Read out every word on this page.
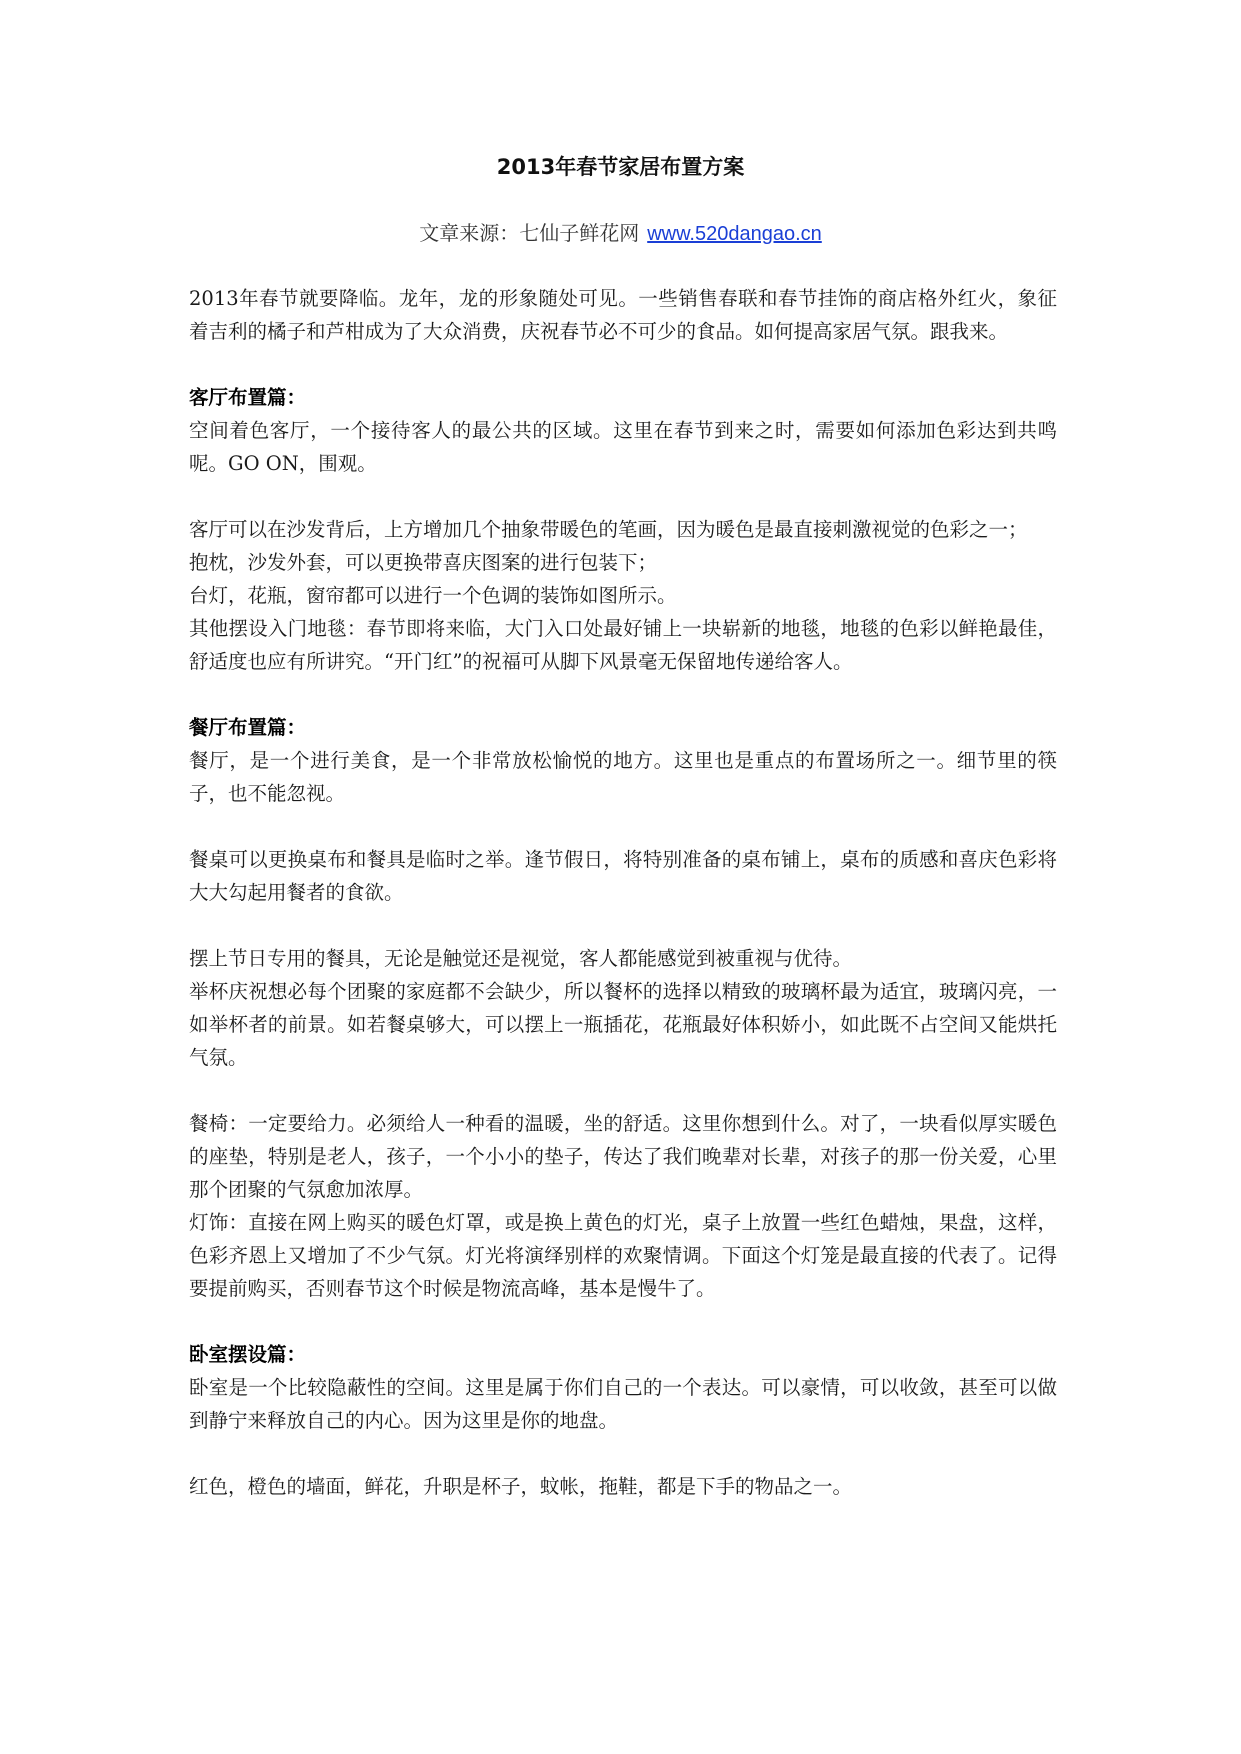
2013年春节家居布置方案
文章来源：七仙子鲜花网 www.520dangao.cn

2013年春节就要降临。龙年，龙的形象随处可见。一些销售春联和春节挂饰的商店格外红火，象征着吉利的橘子和芦柑成为了大众消费，庆祝春节必不可少的食品。如何提高家居气氛。跟我来。

客厅布置篇：

空间着色客厅，一个接待客人的最公共的区域。这里在春节到来之时，需要如何添加色彩达到共鸣呢。GO ON，围观。

客厅可以在沙发背后，上方增加几个抽象带暖色的笔画，因为暖色是最直接刺激视觉的色彩之一；

抱枕，沙发外套，可以更换带喜庆图案的进行包装下；

台灯，花瓶，窗帘都可以进行一个色调的装饰如图所示。

其他摆设入门地毯：春节即将来临，大门入口处最好铺上一块崭新的地毯，地毯的色彩以鲜艳最佳，舒适度也应有所讲究。“开门红”的祝福可从脚下风景毫无保留地传递给客人。

餐厅布置篇：

餐厅，是一个进行美食，是一个非常放松愉悦的地方。这里也是重点的布置场所之一。细节里的筷子，也不能忽视。

餐桌可以更换桌布和餐具是临时之举。逢节假日，将特别准备的桌布铺上，桌布的质感和喜庆色彩将大大勾起用餐者的食欲。

摆上节日专用的餐具，无论是触觉还是视觉，客人都能感觉到被重视与优待。

举杯庆祝想必每个团聚的家庭都不会缺少，所以餐杯的选择以精致的玻璃杯最为适宜，玻璃闪亮，一如举杯者的前景。如若餐桌够大，可以摆上一瓶插花，花瓶最好体积娇小，如此既不占空间又能烘托气氛。

餐椅：一定要给力。必须给人一种看的温暖，坐的舒适。这里你想到什么。对了，一块看似厚实暖色的座垫，特别是老人，孩子，一个小小的垫子，传达了我们晚辈对长辈，对孩子的那一份关爱，心里那个团聚的气氛愈加浓厚。

灯饰：直接在网上购买的暖色灯罩，或是换上黄色的灯光，桌子上放置一些红色蜡烛，果盘，这样，色彩齐恩上又增加了不少气氛。灯光将演绎别样的欢聚情调。下面这个灯笼是最直接的代表了。记得要提前购买，否则春节这个时候是物流高峰，基本是慢牛了。

卧室摆设篇：

卧室是一个比较隐蔽性的空间。这里是属于你们自己的一个表达。可以豪情，可以收敛，甚至可以做到静宁来释放自己的内心。因为这里是你的地盘。

红色，橙色的墙面，鲜花，升职是杯子，蚊帐，拖鞋，都是下手的物品之一。
